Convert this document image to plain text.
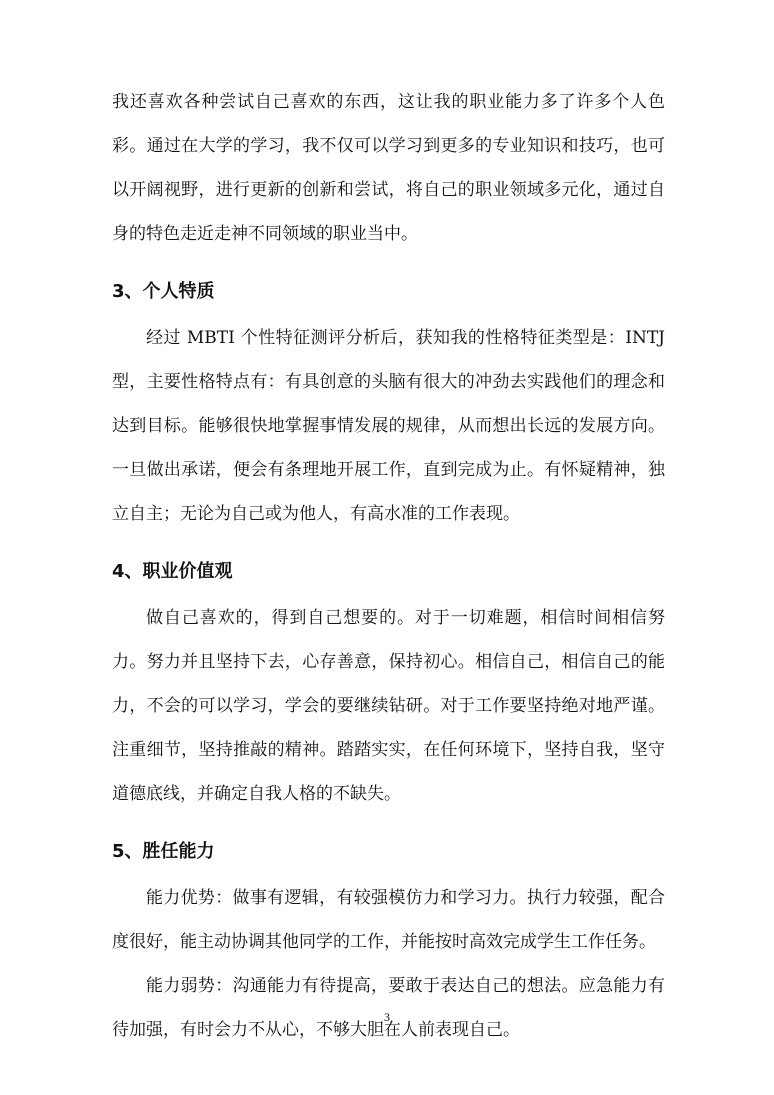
我还喜欢各种尝试自己喜欢的东西，这让我的职业能力多了许多个人色彩。通过在大学的学习，我不仅可以学习到更多的专业知识和技巧，也可以开阔视野，进行更新的创新和尝试，将自己的职业领域多元化，通过自身的特色走近走神不同领域的职业当中。

3、个人特质

经过 MBTI 个性特征测评分析后，获知我的性格特征类型是：INTJ 型，主要性格特点有：有具创意的头脑有很大的冲劲去实践他们的理念和达到目标。能够很快地掌握事情发展的规律，从而想出长远的发展方向。一旦做出承诺，便会有条理地开展工作，直到完成为止。有怀疑精神，独立自主；无论为自己或为他人，有高水准的工作表现。

4、职业价值观

做自己喜欢的，得到自己想要的。对于一切难题，相信时间相信努力。努力并且坚持下去，心存善意，保持初心。相信自己，相信自己的能力，不会的可以学习，学会的要继续钻研。对于工作要坚持绝对地严谨。注重细节，坚持推敲的精神。踏踏实实，在任何环境下，坚持自我，坚守道德底线，并确定自我人格的不缺失。

5、胜任能力

能力优势：做事有逻辑，有较强模仿力和学习力。执行力较强，配合度很好，能主动协调其他同学的工作，并能按时高效完成学生工作任务。

能力弱势：沟通能力有待提高，要敢于表达自己的想法。应急能力有待加强，有时会力不从心，不够大胆在人前表现自己。

3
